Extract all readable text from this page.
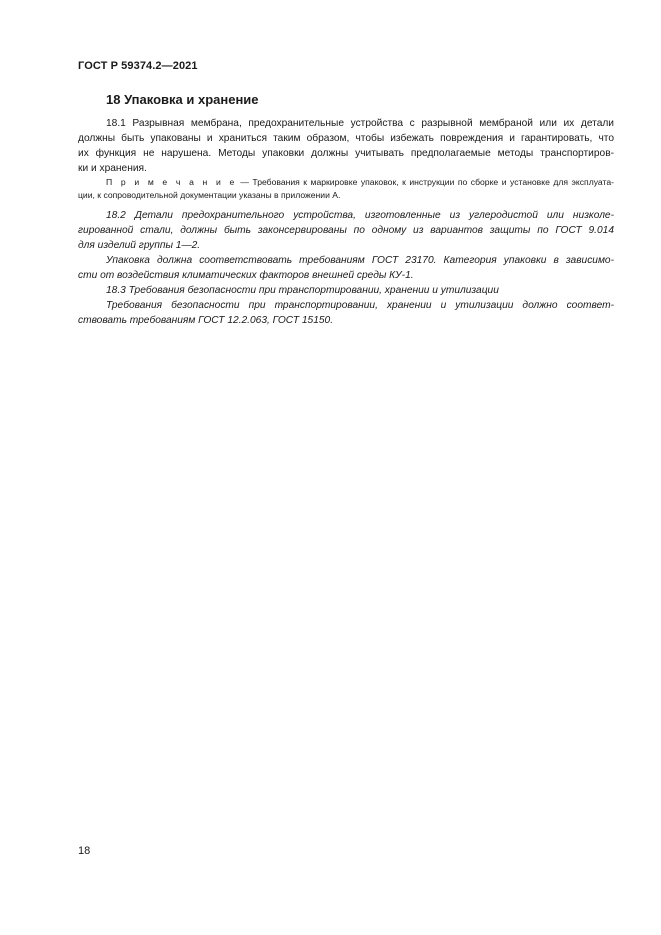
ГОСТ Р 59374.2—2021
18 Упаковка и хранение
18.1 Разрывная мембрана, предохранительные устройства с разрывной мембраной или их детали
должны быть упакованы и храниться таким образом, чтобы избежать повреждения и гарантировать, что
их функция не нарушена. Методы упаковки должны учитывать предполагаемые методы транспортиров-
ки и хранения.
П р и м е ч а н и е — Требования к маркировке упаковок, к инструкции по сборке и установке для эксплуата-
ции, к сопроводительной документации указаны в приложении А.
18.2 Детали предохранительного устройства, изготовленные из углеродистой или низколе-
гированной стали, должны быть законсервированы по одному из вариантов защиты по ГОСТ 9.014
для изделий группы 1—2.
Упаковка должна соответствовать требованиям ГОСТ 23170. Категория упаковки в зависимо-
сти от воздействия климатических факторов внешней среды КУ-1.
18.3 Требования безопасности при транспортировании, хранении и утилизации
Требования безопасности при транспортировании, хранении и утилизации должно соответ-
ствовать требованиям ГОСТ 12.2.063, ГОСТ 15150.
18
